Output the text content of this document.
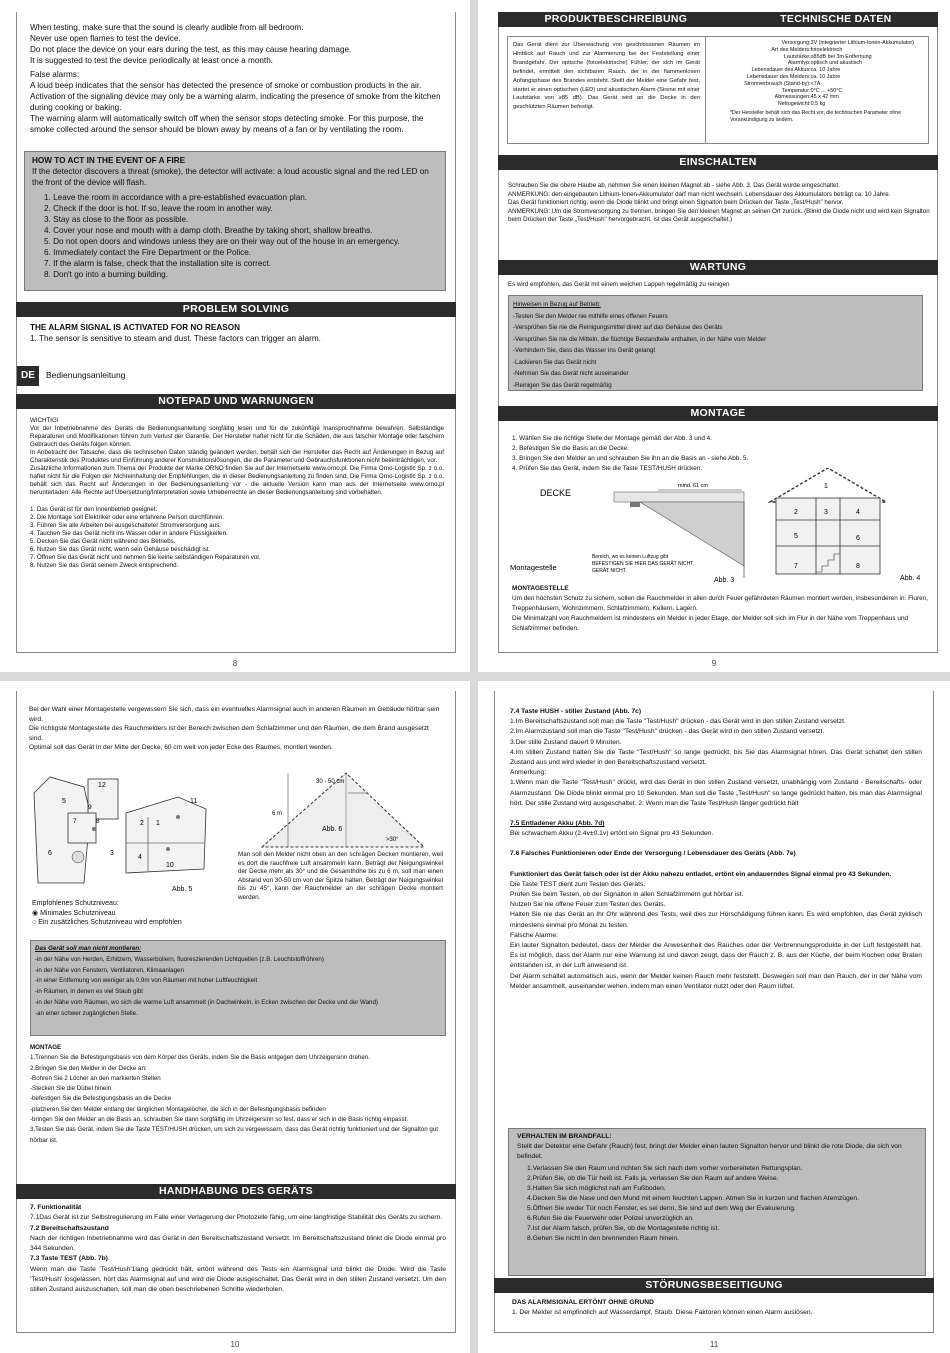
When testing, make sure that the sound is clearly audible from all bedroom.
Never use open flames to test the device.
Do not place the device on your ears during the test, as this may cause hearing damage.
It is suggested to test the device periodically at least once a month.
False alarms:
A loud beep indicates that the sensor has detected the presence of smoke or combustion products in the air. Activation of the signaling device may only be a warning alarm, indicating the presence of smoke from the kitchen during cooking or baking.
The warning alarm will automatically switch off when the sensor stops detecting smoke. For this purpose, the smoke collected around the sensor should be blown away by means of a fan or by ventilating the room.
HOW TO ACT IN THE EVENT OF A FIRE
If the detector discovers a threat (smoke), the detector will activate: a loud acoustic signal and the red LED on the front of the device will flash.
1. Leave the room in accordance with a pre-established evacuation plan.
2. Check if the door is hot. If so, leave the room in another way.
3. Stay as close to the floor as possible.
4. Cover your nose and mouth with a damp cloth. Breathe by taking short, shallow breaths.
5. Do not open doors and windows unless they are on their way out of the house in an emergency.
6. Immediately contact the Fire Department or the Police.
7. If the alarm is false, check that the installation site is correct.
8. Don't go into a burning building.
PROBLEM SOLVING
THE ALARM SIGNAL IS ACTIVATED FOR NO REASON
1. The sensor is sensitive to steam and dust. These factors can trigger an alarm.
DE	Bedienungsanleitung
NOTEPAD UND WARNUNGEN
WICHTIG!
Vor der Inbetriebnahme des Geräts die Bedienungsanleitung sorgfältig lesen und für die zukünftige Inanspruchnahme bewahren. Selbständige Reparaturen und Modifikationen führen zum Verlust der Garantie. Der Hersteller haftet nicht für die Schäden, die aus falscher Montage oder falschem Gebrauch des Geräts folgen können.
In Anbetracht der Tatsache, dass die technischen Daten ständig geändert werden, behält sich der Hersteller das Recht auf Änderungen in Bezug auf Charakteristik des Produktes und Einführung anderer Konstruktionslösungen, die die Parameter und Gebrauchsfunktionen nicht beeinträchtigen, vor.
Zusätzliche Informationen zum Thema der Produkte der Marke ORNO finden Sie auf der Internetseite www.orno.pl. Die Firma Orno-Logistic Sp. z o.o. haftet nicht für die Folgen der Nichteinhaltung der Empfehlungen, die in dieser Bedienungsanleitung zu finden sind. Die Firma Orno-Logistic Sp. z o.o. behält sich das Recht auf Änderungen in der Bedienungsanleitung vor - die aktuelle Version kann man aus der Internetseite www.orno.pl herunterladen. Alle Rechte auf Übersetzung/Interpretation sowie Urheberrechte an dieser Bedienungsanleitung sind vorbehalten.
1. Das Gerät ist für den Innenbetrieb geeignet.
2. Die Montage soll Elektriker oder eine erfahrene Person durchführen.
3. Führen Sie alle Arbeiten bei ausgeschalteter Stromversorgung aus.
4. Tauchen Sie das Gerät nicht ins Wasser oder in andere Flüssigkeiten.
5. Decken Sie das Gerät nicht während des Betriebs.
6. Nutzen Sie das Gerät nicht, wenn sein Gehäuse beschädigt ist.
7. Öffnen Sie das Gerät nicht und nehmen Sie keine selbständigen Reparaturen vor.
8. Nutzen Sie das Gerät seinem Zweck entsprechend.
8
PRODUKTBESCHREIBUNG	TECHNISCHE DATEN
Das Gerät dient zur Überwachung von geschlossenen Räumen im Hinblick auf Rauch und zur Alarmierung bei der Feststellung einer Brandgefahr. Der optische (fotoelektrische) Fühler, der sich im Gerät befindet, ermittelt den sichtbaren Rauch, der in der flammenlosen Anfangsphase des Brandes entsteht. Stellt der Melder eine Gefahr fest, startet er einen optischen (LED) und akustischen Alarm (Sirene mit einer Lautstärke von ≥85 dB). Das Gerät wird an die Decke in den geschlützten Räumen befestigt.
Versorgung:	3V (integrierter Lithium-Ionen-Akkumulator)
Art des Melders:	fotoelektrisch
Lautstärke:	≥85dB bei 3m Entfernung
Alarmtyp:	optisch und akustisch
Lebensdauer des Akkus:	ca. 10 Jahre
Lebensdauer des Melders:	ca. 10 Jahre
Stromverbrauch (Stand-by):	<7A
Temperatur:	0°C ... +50°C
Abmessungen:	45 x 42 mm
Nettogewicht:	0,5 kg
*Der Hersteller behält sich das Recht vor, die technischen Parameter ohne Vorankündigung zu ändern.
EINSCHALTEN
Schrauben Sie die obere Haube ab, nehmen Sie einen kleinen Magnet ab - siehe Abb. 3. Das Gerät wurde eingeschaltet.
ANMERKUNG: den eingebauten Lithium-Ionen-Akkumulator darf man nicht wechseln. Lebensdauer des Akkumulators beträgt ca. 10 Jahre.
Das Gerät funktioniert richtig, wenn die Diode blinkt und bringt einen Signalton beim Drücken der Taste „Test/Hush" hervor.
ANMERKUNG: Um die Stromversorgung zu trennen, bringen Sie den kleinen Magnet an seinen Ort zurück. (Blinkt die Diode nicht und wird kein Signalton beim Drücken der Taste „Test/Hush" hervorgebracht, ist das Gerät ausgeschaltet.)
WARTUNG
Es wird empfohlen, das Gerät mit einem weichen Lappen regelmäßig zu reinigen
Hinweisen in Bezug auf Betrieb:
-Testen Sie den Melder nie mithilfe eines offenen Feuers
-Versprühen Sie nie die Reinigungsmittel direkt auf das Gehäuse des Geräts
-Versprühen Sie nie die Mitteln, die flüchtige Bestandteile enthalten, in der Nähe vom Melder
-Verhindern Sie, dass das Wasser ins Gerät gelangt
-Lackieren Sie das Gerät nicht
-Nehmen Sie das Gerät nicht auseinander
-Reinigen Sie das Gerät regelmäßig
MONTAGE
1. Wählen Sie die richtige Stelle der Montage gemäß der Abb. 3 und 4.
2. Befestigen Sie die Basis an die Decke.
3. Bringen Sie den Melder an und schrauben Sie ihn an die Basis an - siehe Abb. 5.
4. Prüfen Sie das Gerät, indem Sie die Taste TEST/HUSH drücken.
DECKE
mind. 61 cm
Montagestelle
Bereich, wo es keinen Luftzug gibt
BEFESTIGEN SIE HIER DAS GERÄT NICHT.
GERÄT NICHT.
Abb. 3
1
2	3	4
5	6
7	8
Abb. 4
MONTAGESTELLE
Um den höchsten Schutz zu sichern, sollen die Rauchmelder in allen durch Feuer gefährdeten Räumen montiert werden, insbesonderen in: Fluren, Treppenhäusern, Wohnzimmern, Schlafzimmern, Kellern, Lagern.
Die Minimalzahl von Rauchmeldern ist mindestens ein Melder in jeder Etage, der Melder soll sich im Flur in der Nähe vom Treppenhaus und Schlafzimmer befinden.
9
Bei der Wahl einer Montagestelle vergewissern Sie sich, dass ein eventuelles Alarmsignal auch in anderen Räumen im Gebäude hörbar sein wird.
Die richtigste Montagestelle des Rauchmelders ist der Bereich zwischen dem Schlafzimmer und den Räumen, die dem Brand ausgesetzt sind.
Optimal soll das Gerät in der Mitte der Decke, 60 cm weit von jeder Ecke des Raumes, montiert werden.
5
12
9
7	8
6	3
2 1
11
4
10
Abb. 5
30 - 50 cm
6 m
Abb. 6
>30°
Man soll den Melder nicht oben an den schrägen Decken montieren, weil es dort die rauchfreie Luft ansammeln kann. Beträgt der Neigungswinkel der Decke mehr als 30° und die Gesamthöhe bis zu 6 m, soll man einen Abstand von 30-50 cm von der Spitze halten. Beträgt der Neigungswinkel bis zu 45°, kann der Rauchmelder an der schrägen Decke montiert werden.
Empfohlenes Schutzniveau:
◉ Minimales Schutzniveau
○ Ein zusätzliches Schutzniveau wird empfohlen
Das Gerät soll man nicht montieren:
-in der Nähe von Herden, Erhitzern, Wasserboilern, fluoreszierenden Lichtquellen (z.B. Leuchtstoffröhren)
-in der Nähe von Fenstern, Ventilatoren, Klimaanlagen
-in einer Entfernung von weniger als 0,9m von Räumen mit hoher Luftfeuchtigkeit
-in Räumen, in denen es viel Staub gibt
-in der Nähe vom Räumen, wo sich die warme Luft ansammelt (in Dachwinkeln, in Ecken zwischen der Decke und der Wand)
-an einer schwer zugänglichen Stelle.
MONTAGE
1.Trennen Sie die Befestigungsbasis von dem Körper des Geräts, indem Sie die Basis entgegen dem Uhrzeigersinn drehen.
2.Bringen Sie den Melder in der Decke an:
-Bohren Sie 2 Löcher an den markierten Stellen
-Stecken Sie die Dübel hinein
-befestigen Sie die Befestigungsbasis an die Decke
-platzieren Sie den Melder entlang der länglichen Montagelöcher, die sich in der Befestigungsbasis befinden
-bringen Sie den Melder an die Basis an, schrauben Sie dann sorgfältig im Uhrzeigersinn so fest, dass er sich in die Basis richtig einpasst.
3.Testen Sie das Gerät, indem Sie die Taste TEST/HUSH drücken, um sich zu vergewissern, dass das Gerät richtig funktioniert und der Signalton gut hörbar ist.
HANDHABUNG DES GERÄTS
7. Funktionalität
7.1Das Gerät ist zur Selbstregulierung im Falle einer Verlagerung der Photozelle fähig, um eine langfristige Stabilität des Geräts zu sichern.
7.2 Bereitschaftszustand
Nach der richtigen Inbetriebnahme wird das Gerät in den Bereitschaftszustand versetzt. Im Bereitschaftszustand blinkt die Diode einmal pro 344 Sekunden.
7.3 Taste TEST (Abb. 7b)
Wenn man die Taste 'Test/Hush'1lang gedrückt hält, ertönt während des Tests ein Alarmsignal und blinkt die Diode. Wird die Taste 'Test/Hush' losgelassen, hört das Alarmsignal auf und wird die Diode ausgeschaltet. Das Gerät wird in den stillen Zustand versetzt. Um den stillen Zustand auszuschalten, soll man die oben beschriebenen Schritte wiederholen.
10
7.4 Taste HUSH - stiller Zustand (Abb. 7c)
1.Im Bereitschaftszustand soll man die Taste "Test/Hush" drücken - das Gerät wird in den stillen Zustand versetzt.
2.Im Alarmzustand soll man die Taste "Test/Hush" drücken - das Gerät wird in den stillen Zustand versetzt.
3.Der stille Zustand dauert 9 Minuten.
4.Im stillen Zustand halten Sie die Taste "Test/Hush" so lange gedrückt, bis Sie das Alarmsignal hören. Das Gerät schaltet den stillen Zustand aus und wird wieder in den Bereitschaftszustand versetzt.
Anmerkung:
1.Wenn man die Taste "Test/Hush" drückt, wird das Gerät in den stillen Zustand versetzt, unabhängig vom Zustand - Bereitschafts- oder Alarmzustand. Die Diode blinkt einmal pro 10 Sekunden. Man soll die Taste „Test/Hush" so lange gedrückt halten, bis man das Alarmsignal hört. Der stille Zustand wird ausgeschaltet. 2. Wenn man die Taste Test/Hush länger gedrückt hält
7.5 Entladener Akku (Abb. 7d)
Bei schwachem Akku (2.4v±0.1v) ertönt ein Signal pro 43 Sekunden.
7.6 Falsches Funktionieren oder Ende der Versorgung / Lebensdauer des Geräts (Abb. 7e)
Funktioniert das Gerät falsch oder ist der Akku nahezu entladet, ertönt ein andauerndes Signal einmal pro 43 Sekunden.
Die Taste TEST dient zum Testen des Geräts.
Prüfen Sie beim Testen, ob der Signalton in allen Schlafzimmern gut hörbar ist.
Nutzen Sie nie offene Feuer zum Testen des Geräts.
Halten Sie nie das Gerät an Ihr Ohr während des Tests, weil dies zur Hörschädigung führen kann. Es wird empfohlen, das Gerät zyklisch mindestens einmal pro Monat zu testen.
Falsche Alarme:
Ein lauter Signalton bedeutet, dass der Melder die Anwesenheit des Rauches oder der Verbrennungsprodukte in der Luft festgestellt hat. Es ist möglich, dass der Alarm nur eine Warnung ist und davon zeugt, dass der Rauch z. B. aus der Küche, der beim Kochen oder Braten entstanden ist, in der Luft anwesend ist.
Der Alarm schaltet automatisch aus, wenn der Melder keinen Rauch mehr feststellt. Deswegen soll man den Rauch, der in der Nähe vom Melder ansammelt, auseinander wehen, indem man einen Ventilator nutzt oder den Raum lüftet.
VERHALTEN IM BRANDFALL:
Stellt der Detektor eine Gefahr (Rauch) fest, bringt der Melder einen lauten Signalton hervor und blinkt die rote Diode, die sich von befindet.
1.Verlassen Sie den Raum und richten Sie sich nach dem vorher vorbereiteten Rettungsplan.
2.Prüfen Sie, ob die Tür heiß ist. Falls ja, verlassen Sie den Raum auf andere Weise.
3.Halten Sie sich möglichst nah am Fußboden.
4.Decken Sie die Nase und den Mund mit einem feuchten Lappen. Atmen Sie in kurzen und flachen Atemzügen.
5.Öffnen Sie weder Tür noch Fenster, es sei denn, Sie sind auf dem Weg der Evakuierung.
6.Rufen Sie die Feuerwehr oder Polizei unverzüglich an.
7.Ist der Alarm falsch, prüfen Sie, ob die Montagestelle richtig ist.
8.Gehen Sie nicht in den brennenden Raum hinein.
STÖRUNGSBESEITIGUNG
DAS ALARMSIGNAL ERTÖNT OHNE GRUND
1. Der Melder ist empfindlich auf Wasserdampf, Staub. Diese Faktoren können einen Alarm auslösen.
11
